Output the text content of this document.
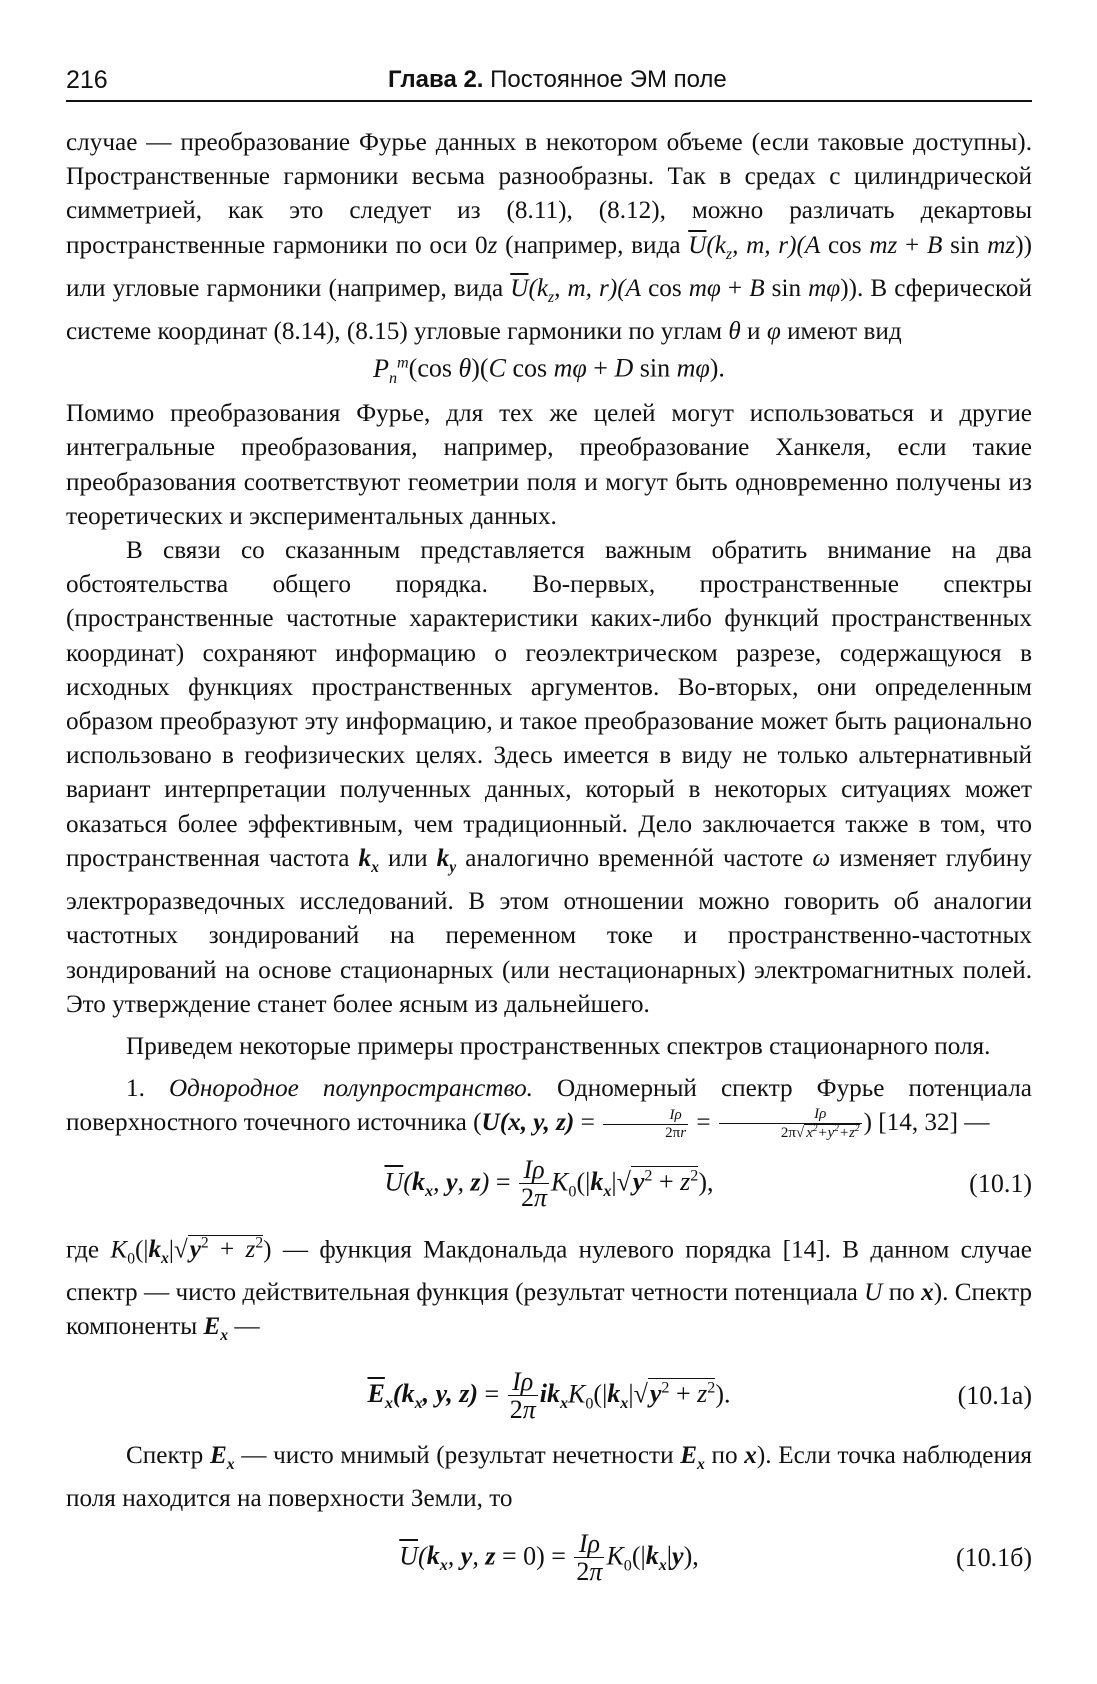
216	Глава 2. Постоянное ЭМ поле

случае — преобразование Фурье данных в некотором объеме (если таковые доступны). Пространственные гармоники весьма разнообразны. Так в средах с цилиндрической симметрией, как это следует из (8.11), (8.12), можно различать декартовы пространственные гармоники по оси 0z (например, вида $\overline{U}(k_z$, m, r)(A cos mz + B sin mz)) или угловые гармоники (например, вида $\overline{U}(k_z$, m, r)(A cos mφ + B sin mφ)). В сферической системе координат (8.14), (8.15) угловые гармоники по углам θ и φ имеют вид

$P_n^m(\cos$ θ)(C cos mφ + D sin mφ).

Помимо преобразования Фурье, для тех же целей могут использоваться и другие интегральные преобразования, например, преобразование Ханкеля, если такие преобразования соответствуют геометрии поля и могут быть одновременно получены из теоретических и экспериментальных данных.

В связи со сказанным представляется важным обратить внимание на два обстоятельства общего порядка. Во-первых, пространственные спектры (пространственные частотные характеристики каких-либо функций пространственных координат) сохраняют информацию о геоэлектрическом разрезе, содержащуюся в исходных функциях пространственных аргументов. Во-вторых, они определенным образом преобразуют эту информацию, и такое преобразование может быть рационально использовано в геофизических целях. Здесь имеется в виду не только альтернативный вариант интерпретации полученных данных, который в некоторых ситуациях может оказаться более эффективным, чем традиционный. Дело заключается также в том, что пространственная частота $k_x$ или $k_y$ аналогично временнóй частоте ω изменяет глубину электроразведочных исследований. В этом отношении можно говорить об аналогии частотных зондирований на переменном токе и пространственно-частотных зондирований на основе стационарных (или нестационарных) электромагнитных полей. Это утверждение станет более ясным из дальнейшего.

Приведем некоторые примеры пространственных спектров стационарного поля.

1. Однородное полупространство. Одномерный спектр Фурье потенциала поверхностного точечного источника (U(x, y, $z) = \frac{I\rho}{2\pi r} = \frac{I\rho}{2\pi√ x^2+y^2+z^2}$ ) [14, 32] —

$\overline{U}(k_x$, y, $z) = \frac{I\rho}{2\pi} K_0(|k_x|√y^2 + z^2)$,	(10.1)

где $K_0(|k_x|√y^2 + z^2)$ — функция Макдональда нулевого порядка [14]. В данном случае спектр — чисто действительная функция (результат четности потенциала U по x). Спектр компоненты $E_x$ —

$\overline{E}_x(k_x$, y, $z) = \frac{I\rho}{2\pi} ik_xK_0(|k_x|√y^2 + z^2)$.	(10.1a)

Спектр $E_x$ — чисто мнимый (результат нечетности $E_x$ по x). Если точка наблюдения поля находится на поверхности Земли, то

$\overline{U}(k_x$, y, $z = 0) = \frac{I\rho}{2\pi} K_0(|k_x|y)$,	(10.1б)
